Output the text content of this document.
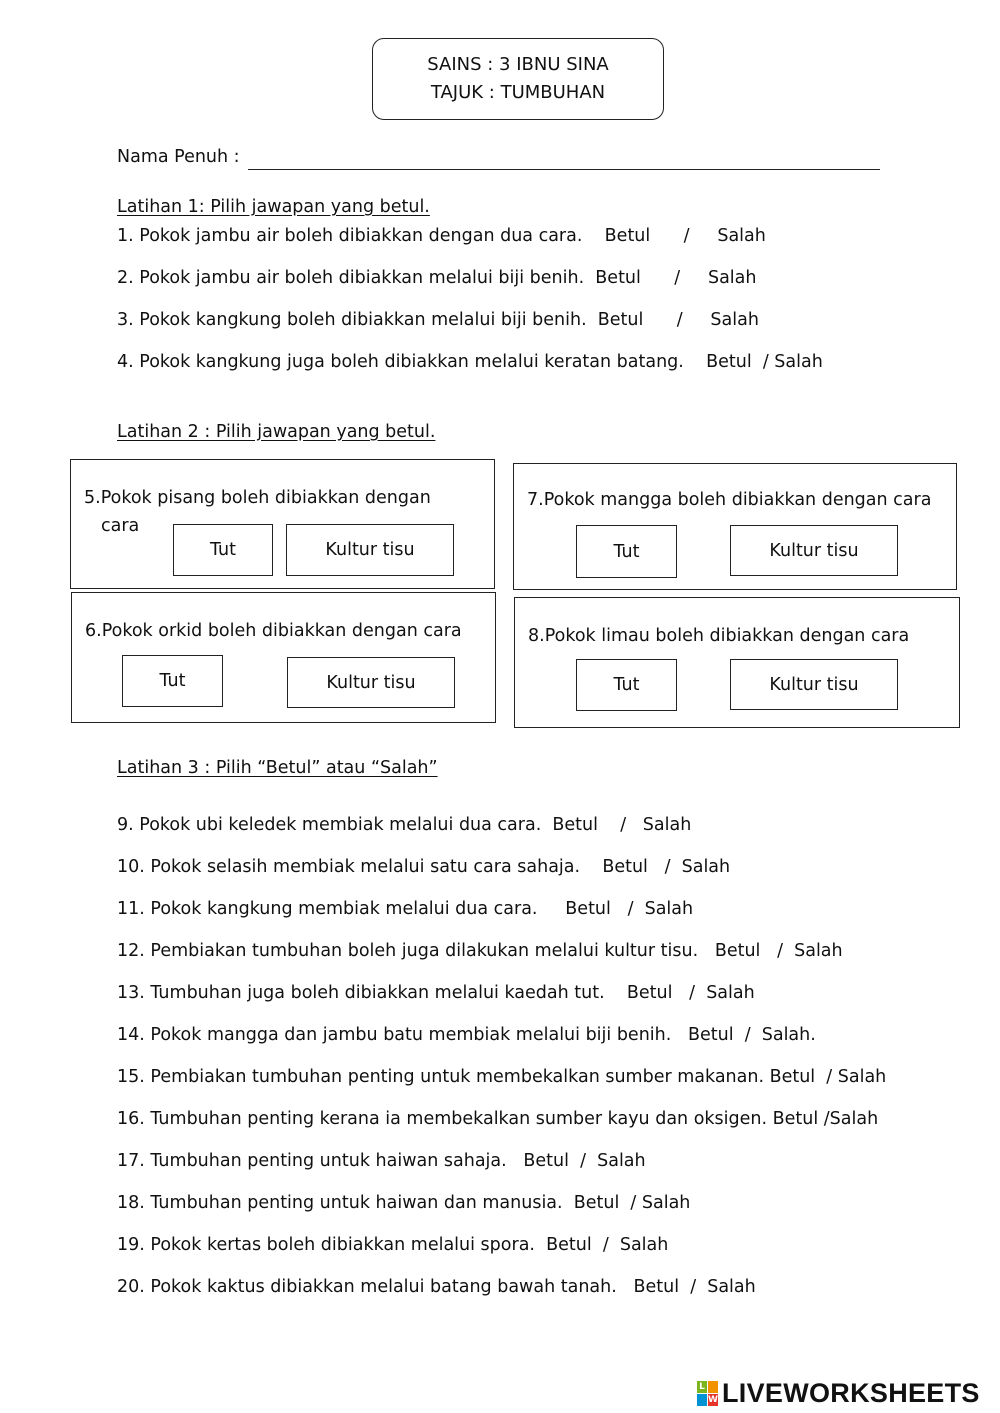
SAINS : 3 IBNU SINA
TAJUK : TUMBUHAN
Nama Penuh :
Latihan 1: Pilih jawapan yang betul.
1. Pokok jambu air boleh dibiakkan dengan dua cara.    Betul      /     Salah
2. Pokok jambu air boleh dibiakkan melalui biji benih.  Betul      /     Salah
3. Pokok kangkung boleh dibiakkan melalui biji benih.  Betul      /     Salah
4. Pokok kangkung juga boleh dibiakkan melalui keratan batang.    Betul  / Salah
Latihan 2 : Pilih jawapan yang betul.
5.Pokok pisang boleh dibiakkan dengan
cara
Tut	Kultur tisu
7.Pokok mangga boleh dibiakkan dengan cara
Tut	Kultur tisu
6.Pokok orkid boleh dibiakkan dengan cara
Tut	Kultur tisu
8.Pokok limau boleh dibiakkan dengan cara
Tut	Kultur tisu
Latihan 3 : Pilih “Betul” atau “Salah”
9. Pokok ubi keledek membiak melalui dua cara.  Betul    /   Salah
10. Pokok selasih membiak melalui satu cara sahaja.    Betul   /  Salah
11. Pokok kangkung membiak melalui dua cara.     Betul   /  Salah
12. Pembiakan tumbuhan boleh juga dilakukan melalui kultur tisu.   Betul   /  Salah
13. Tumbuhan juga boleh dibiakkan melalui kaedah tut.    Betul   /  Salah
14. Pokok mangga dan jambu batu membiak melalui biji benih.   Betul  /  Salah.
15. Pembiakan tumbuhan penting untuk membekalkan sumber makanan. Betul  / Salah
16. Tumbuhan penting kerana ia membekalkan sumber kayu dan oksigen. Betul /Salah
17. Tumbuhan penting untuk haiwan sahaja.   Betul  /  Salah
18. Tumbuhan penting untuk haiwan dan manusia.  Betul  / Salah
19. Pokok kertas boleh dibiakkan melalui spora.  Betul  /  Salah
20. Pokok kaktus dibiakkan melalui batang bawah tanah.   Betul  /  Salah
L
W LIVEWORKSHEETS
